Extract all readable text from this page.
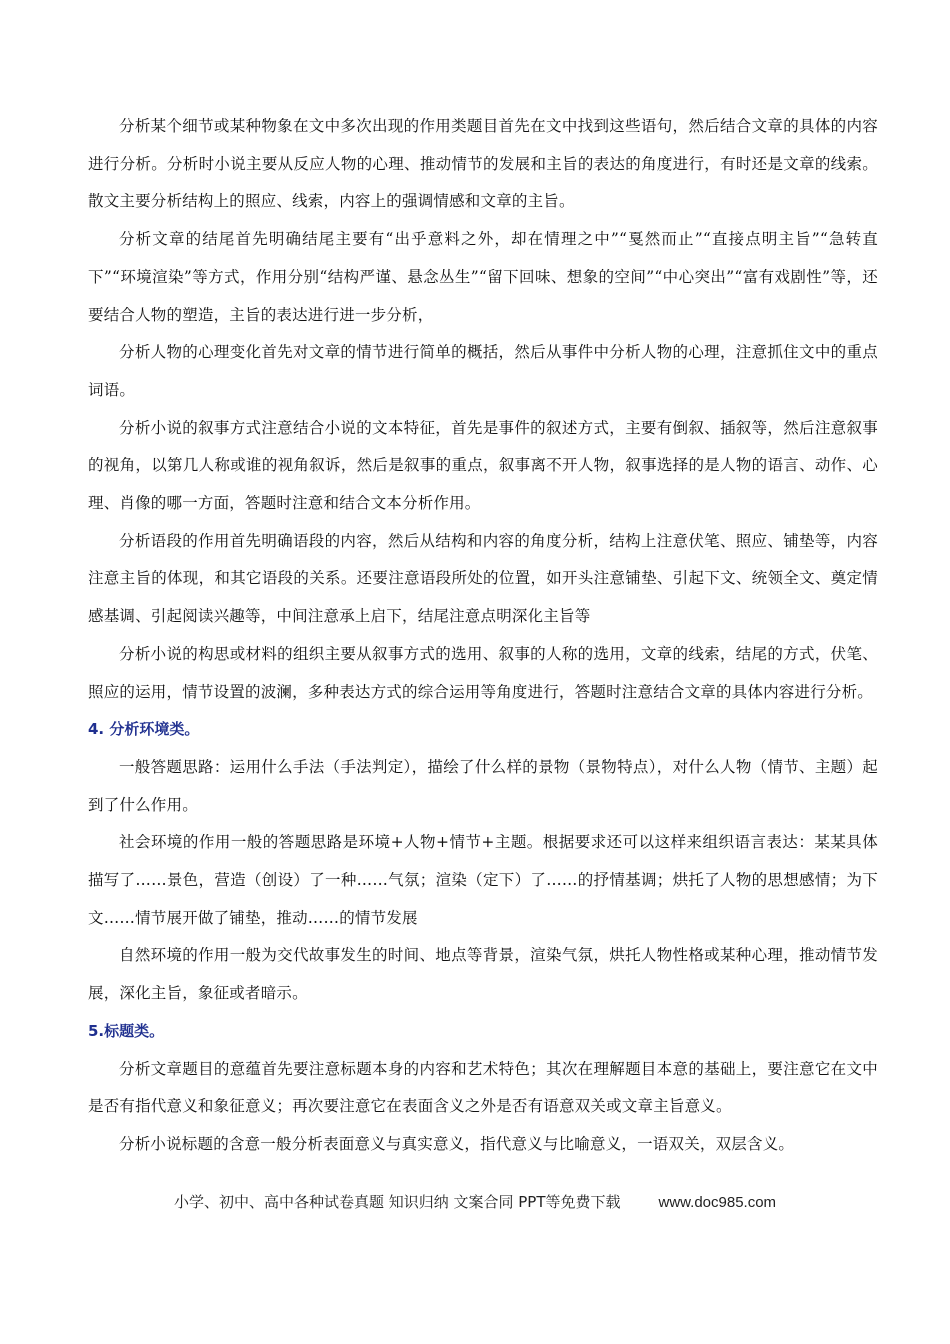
分析某个细节或某种物象在文中多次出现的作用类题目首先在文中找到这些语句，然后结合文章的具体的内容进行分析。分析时小说主要从反应人物的心理、推动情节的发展和主旨的表达的角度进行，有时还是文章的线索。散文主要分析结构上的照应、线索，内容上的强调情感和文章的主旨。

分析文章的结尾首先明确结尾主要有“出乎意料之外，却在情理之中”“戛然而止”“直接点明主旨”“急转直下”“环境渲染”等方式，作用分别“结构严谨、悬念丛生”“留下回味、想象的空间”“中心突出”“富有戏剧性”等，还要结合人物的塑造，主旨的表达进行进一步分析，

分析人物的心理变化首先对文章的情节进行简单的概括，然后从事件中分析人物的心理，注意抓住文中的重点词语。

分析小说的叙事方式注意结合小说的文本特征，首先是事件的叙述方式，主要有倒叙、插叙等，然后注意叙事的视角，以第几人称或谁的视角叙诉，然后是叙事的重点，叙事离不开人物，叙事选择的是人物的语言、动作、心理、肖像的哪一方面，答题时注意和结合文本分析作用。

分析语段的作用首先明确语段的内容，然后从结构和内容的角度分析，结构上注意伏笔、照应、铺垫等，内容注意主旨的体现，和其它语段的关系。还要注意语段所处的位置，如开头注意铺垫、引起下文、统领全文、奠定情感基调、引起阅读兴趣等，中间注意承上启下，结尾注意点明深化主旨等

分析小说的构思或材料的组织主要从叙事方式的选用、叙事的人称的选用，文章的线索，结尾的方式，伏笔、照应的运用，情节设置的波澜，多种表达方式的综合运用等角度进行，答题时注意结合文章的具体内容进行分析。

4. 分析环境类。

一般答题思路：运用什么手法（手法判定），描绘了什么样的景物（景物特点），对什么人物（情节、主题）起到了什么作用。

社会环境的作用一般的答题思路是环境+人物+情节+主题。根据要求还可以这样来组织语言表达：某某具体描写了……景色，营造（创设）了一种……气氛；渲染（定下）了……的抒情基调；烘托了人物的思想感情；为下文……情节展开做了铺垫，推动……的情节发展

自然环境的作用一般为交代故事发生的时间、地点等背景，渲染气氛，烘托人物性格或某种心理，推动情节发展，深化主旨，象征或者暗示。

5.标题类。

分析文章题目的意蕴首先要注意标题本身的内容和艺术特色；其次在理解题目本意的基础上，要注意它在文中是否有指代意义和象征意义；再次要注意它在表面含义之外是否有语意双关或文章主旨意义。

分析小说标题的含意一般分析表面意义与真实意义，指代意义与比喻意义，一语双关，双层含义。

小学、初中、高中各种试卷真题 知识归纳 文案合同 PPT等免费下载	www.doc985.com
